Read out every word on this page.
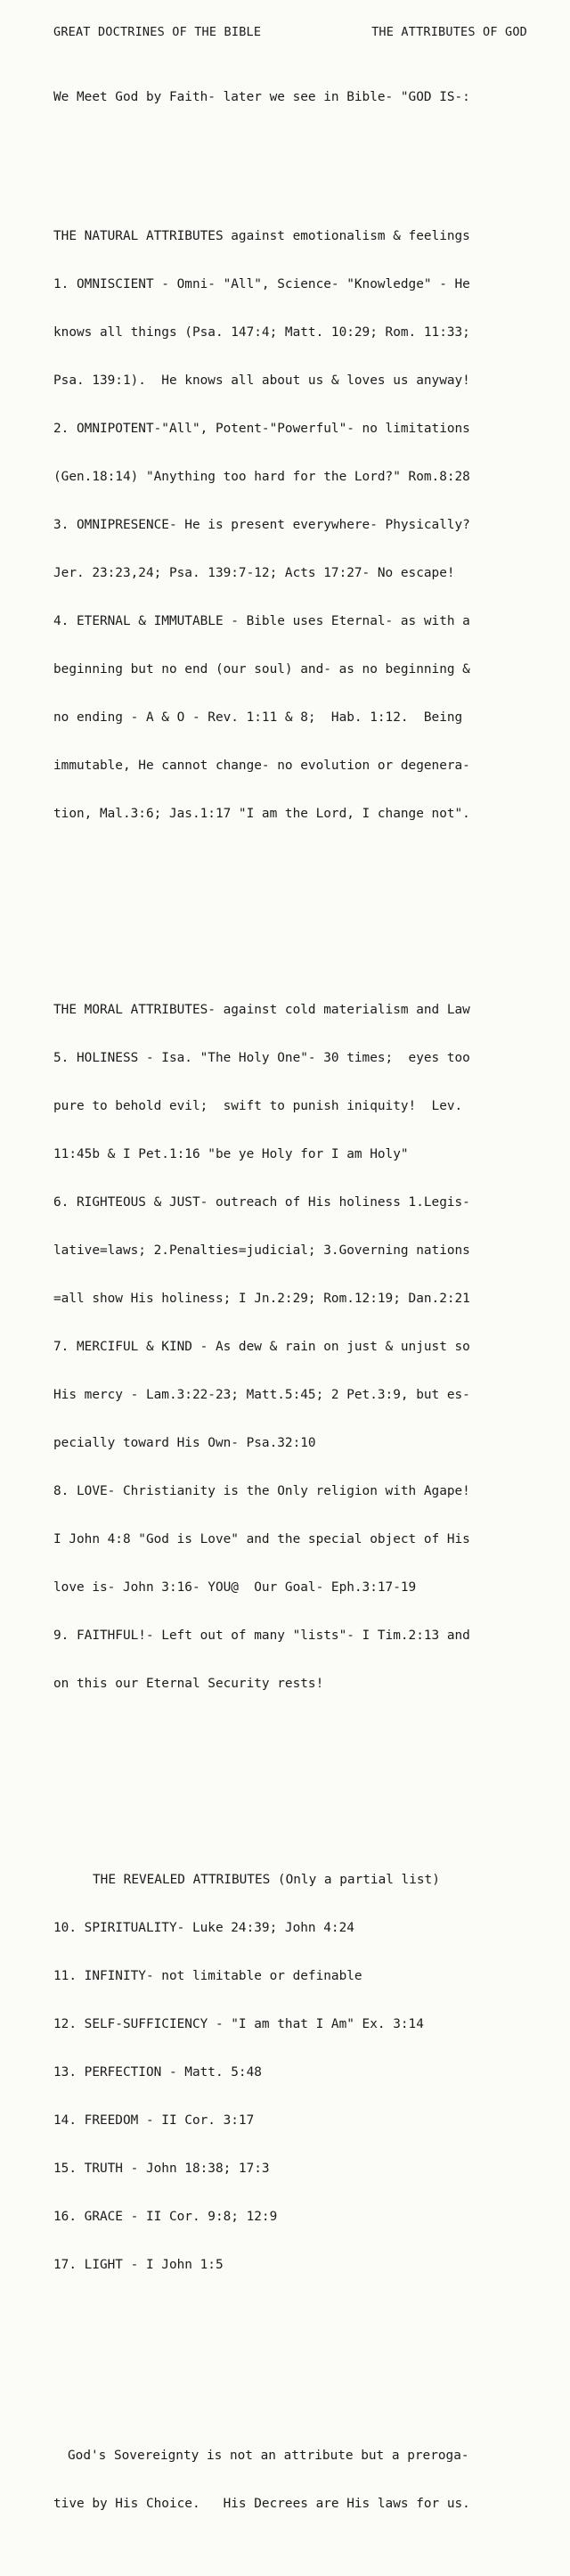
GREAT DOCTRINES OF THE BIBLE	THE ATTRIBUTES OF GOD

We Meet God by Faith- later we see in Bible- "GOD IS-:

THE NATURAL ATTRIBUTES against emotionalism & feelings

1. OMNISCIENT - Omni- "All", Science- "Knowledge" - He

knows all things (Psa. 147:4; Matt. 10:29; Rom. 11:33;

Psa. 139:1).  He knows all about us & loves us anyway!

2. OMNIPOTENT-"All", Potent-"Powerful"- no limitations

(Gen.18:14) "Anything too hard for the Lord?" Rom.8:28

3. OMNIPRESENCE- He is present everywhere- Physically?

Jer. 23:23,24; Psa. 139:7-12; Acts 17:27- No escape!

4. ETERNAL & IMMUTABLE - Bible uses Eternal- as with a

beginning but no end (our soul) and- as no beginning &

no ending - A & O - Rev. 1:11 & 8;  Hab. 1:12.  Being

immutable, He cannot change- no evolution or degenera-

tion, Mal.3:6; Jas.1:17 "I am the Lord, I change not".

THE MORAL ATTRIBUTES- against cold materialism and Law

5. HOLINESS - Isa. "The Holy One"- 30 times;  eyes too

pure to behold evil;  swift to punish iniquity!  Lev.

11:45b & I Pet.1:16 "be ye Holy for I am Holy"

6. RIGHTEOUS & JUST- outreach of His holiness 1.Legis-

lative=laws; 2.Penalties=judicial; 3.Governing nations

=all show His holiness; I Jn.2:29; Rom.12:19; Dan.2:21

7. MERCIFUL & KIND - As dew & rain on just & unjust so

His mercy - Lam.3:22-23; Matt.5:45; 2 Pet.3:9, but es-

pecially toward His Own- Psa.32:10

8. LOVE- Christianity is the Only religion with Agape!

I John 4:8 "God is Love" and the special object of His

love is- John 3:16- YOU@  Our Goal- Eph.3:17-19

9. FAITHFUL!- Left out of many "lists"- I Tim.2:13 and

on this our Eternal Security rests!

THE REVEALED ATTRIBUTES (Only a partial list)

10. SPIRITUALITY- Luke 24:39; John 4:24

11. INFINITY- not limitable or definable

12. SELF-SUFFICIENCY - "I am that I Am" Ex. 3:14

13. PERFECTION - Matt. 5:48

14. FREEDOM - II Cor. 3:17

15. TRUTH - John 18:38; 17:3

16. GRACE - II Cor. 9:8; 12:9

17. LIGHT - I John 1:5

God's Sovereignty is not an attribute but a preroga-

tive by His Choice.   His Decrees are His laws for us.
